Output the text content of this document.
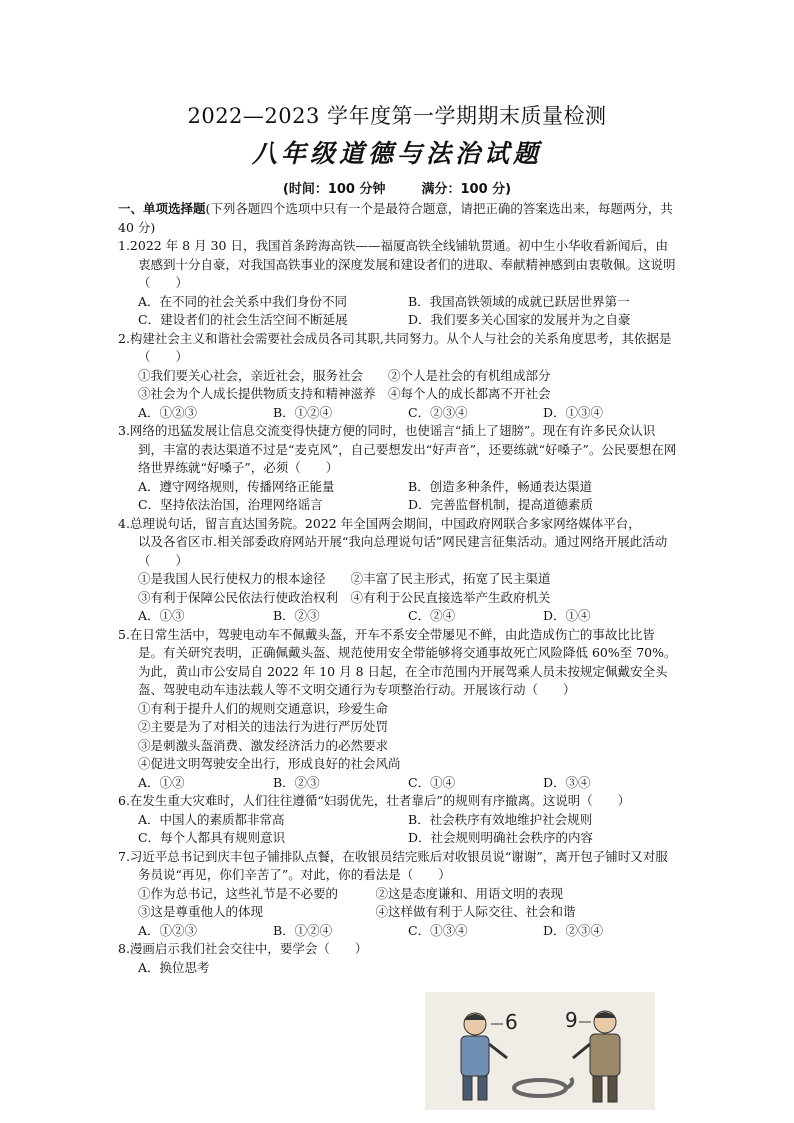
2022—2023 学年度第一学期期末质量检测
八年级道德与法治试题
(时间：100 分钟	满分：100 分)
一、单项选择题(下列各题四个选项中只有一个是最符合题意，请把正确的答案选出来，每题两分，共 40 分)
1.2022 年 8 月 30 日，我国首条跨海高铁——福厦高铁全线铺轨贯通。初中生小华收看新闻后，由衷感到十分自豪，对我国高铁事业的深度发展和建设者们的进取、奉献精神感到由衷敬佩。这说明（　　）
A．在不同的社会关系中我们身份不同	B．我国高铁领域的成就已跃居世界第一
C．建设者们的社会生活空间不断延展	D．我们要多关心国家的发展并为之自豪
2.构建社会主义和谐社会需要社会成员各司其职,共同努力。从个人与社会的关系角度思考，其依据是（　　）
①我们要关心社会，亲近社会，服务社会　　②个人是社会的有机组成部分
③社会为个人成长提供物质支持和精神滋养　④每个人的成长都离不开社会
A．①②③	B．①②④	C．②③④	D．①③④
3.网络的迅猛发展让信息交流变得快捷方便的同时，也使谣言“插上了翅膀”。现在有许多民众认识到，丰富的表达渠道不过是“麦克风”，自己要想发出“好声音”，还要练就“好嗓子”。公民要想在网络世界练就“好嗓子”，必须（　　）
A．遵守网络规则，传播网络正能量	B．创造多种条件，畅通表达渠道
C．坚持依法治国，治理网络谣言	D．完善监督机制，提高道德素质
4.总理说句话，留言直达国务院。2022 年全国两会期间，中国政府网联合多家网络媒体平台，
以及各省区市.相关部委政府网站开展“我向总理说句话”网民建言征集活动。通过网络开展此活动（　　）
①是我国人民行使权力的根本途径　　②丰富了民主形式，拓宽了民主渠道
③有利于保障公民依法行使政治权利　④有利于公民直接选举产生政府机关
A．①③	B．②③	C．②④	D．①④
5.在日常生活中，驾驶电动车不佩戴头盔，开车不系安全带屡见不鲜，由此造成伤亡的事故比比皆是。有关研究表明，正确佩戴头盔、规范使用安全带能够将交通事故死亡风险降低 60%至 70%。为此，黄山市公安局自 2022 年 10 月 8 日起，在全市范围内开展驾乘人员未按规定佩戴安全头盔、驾驶电动车违法载人等不文明交通行为专项整治行动。开展该行动（　　）
①有利于提升人们的规则交通意识，珍爱生命
②主要是为了对相关的违法行为进行严厉处罚
③是刺激头盔消费、激发经济活力的必然要求
④促进文明驾驶安全出行，形成良好的社会风尚
A．①②	B．②③	C．①④	D．③④
6.在发生重大灾难时，人们往往遵循“妇弱优先，壮者靠后”的规则有序撤离。这说明（　　）
A．中国人的素质都非常高	B．社会秩序有效地维护社会规则
C．每个人都具有规则意识	D．社会规则明确社会秩序的内容
7.习近平总书记到庆丰包子铺排队点餐，在收银员结完账后对收银员说“谢谢”，离开包子铺时又对服务员说“再见，你们辛苦了”。对此，你的看法是（　　）
①作为总书记，这些礼节是不必要的　　　②这是态度谦和、用语文明的表现
③这是尊重他人的体现　　　　　　　　　④这样做有利于人际交往、社会和谐
A．①②③	B．①②④	C．①③④	D．②③④
8.漫画启示我们社会交往中，要学会（　　）
A．换位思考
6 9
